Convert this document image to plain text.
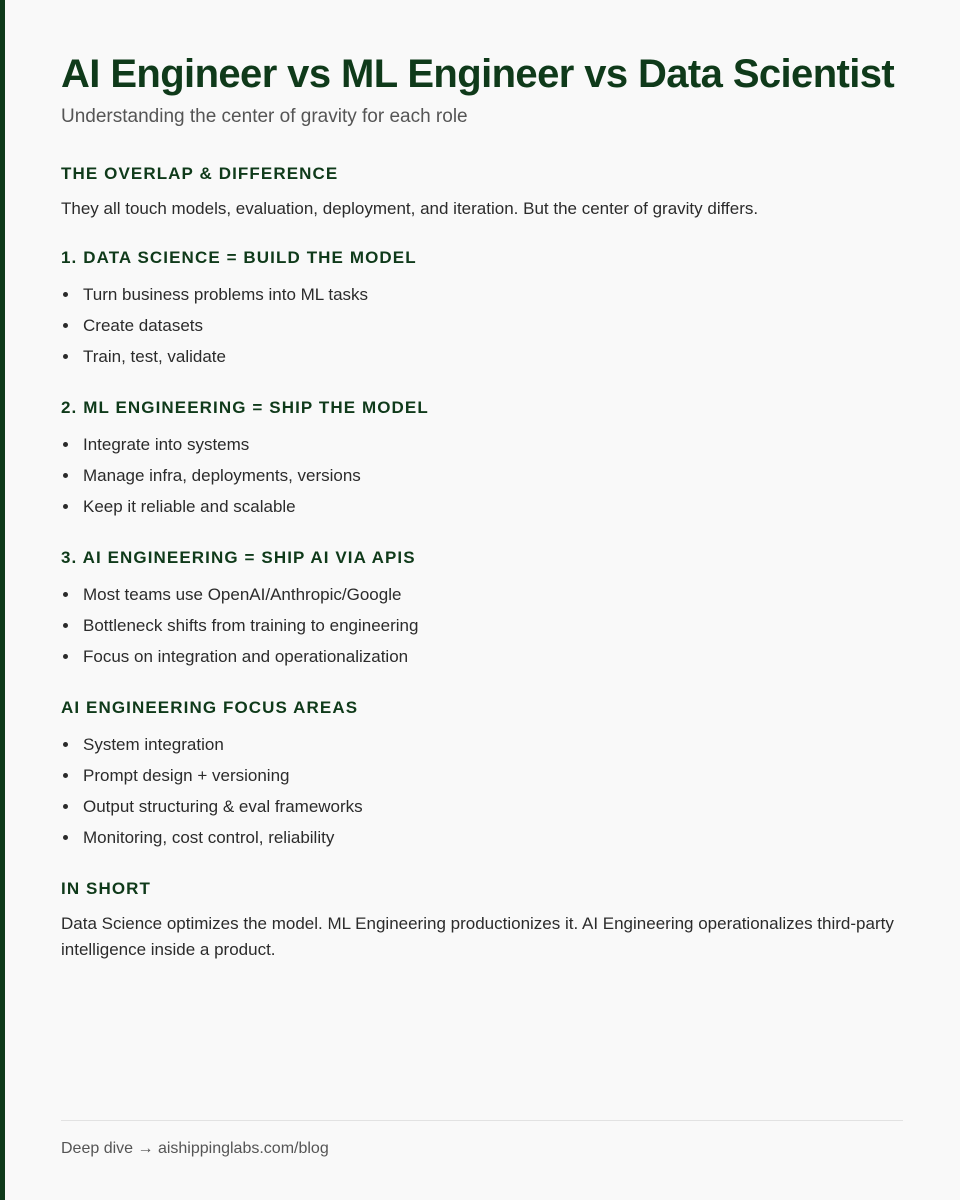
AI Engineer vs ML Engineer vs Data Scientist

Understanding the center of gravity for each role

THE OVERLAP & DIFFERENCE

They all touch models, evaluation, deployment, and iteration. But the center of gravity differs.

1. DATA SCIENCE = BUILD THE MODEL
Turn business problems into ML tasks
Create datasets
Train, test, validate
2. ML ENGINEERING = SHIP THE MODEL
Integrate into systems
Manage infra, deployments, versions
Keep it reliable and scalable
3. AI ENGINEERING = SHIP AI VIA APIS
Most teams use OpenAI/Anthropic/Google
Bottleneck shifts from training to engineering
Focus on integration and operationalization
AI ENGINEERING FOCUS AREAS
System integration
Prompt design + versioning
Output structuring & eval frameworks
Monitoring, cost control, reliability
IN SHORT

Data Science optimizes the model. ML Engineering productionizes it. AI Engineering operationalizes third-party intelligence inside a product.

Deep dive → aishippinglabs.com/blog
